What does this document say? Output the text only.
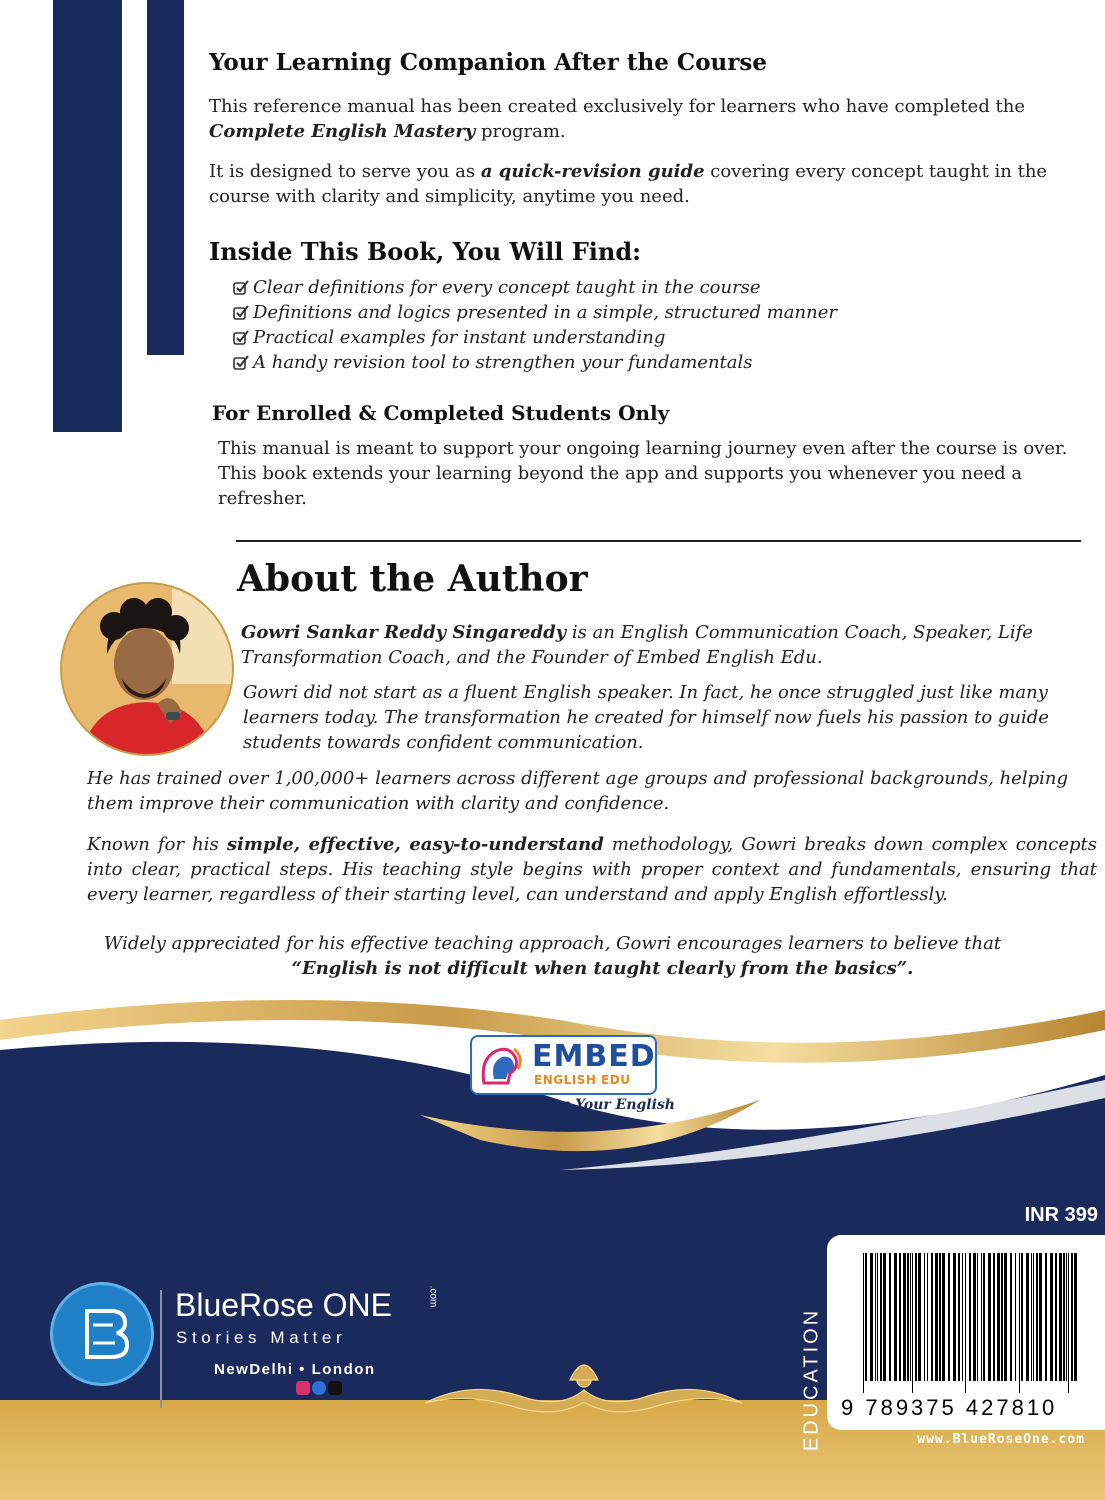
Your Learning Companion After the Course

This reference manual has been created exclusively for learners who have completed the
Complete English Mastery program.

It is designed to serve you as a quick-revision guide covering every concept taught in the course with clarity and simplicity, anytime you need.

Inside This Book, You Will Find:
Clear definitions for every concept taught in the course
Definitions and logics presented in a simple, structured manner
Practical examples for instant understanding
A handy revision tool to strengthen your fundamentals
For Enrolled & Completed Students Only

This manual is meant to support your ongoing learning journey even after the course is over. This book extends your learning beyond the app and supports you whenever you need a refresher.

About the Author

Gowri Sankar Reddy Singareddy is an English Communication Coach, Speaker, Life Transformation Coach, and the Founder of Embed English Edu.

Gowri did not start as a fluent English speaker. In fact, he once struggled just like many learners today. The transformation he created for himself now fuels his passion to guide students towards confident communication.

He has trained over 1,00,000+ learners across different age groups and professional backgrounds, helping them improve their communication with clarity and confidence.

Known for his simple, effective, easy-to-understand methodology, Gowri breaks down complex concepts into clear, practical steps. His teaching style begins with proper context and fundamentals, ensuring that every learner, regardless of their starting level, can understand and apply English effortlessly.

Widely appreciated for his effective teaching approach, Gowri encourages learners to believe that
“English is not difficult when taught clearly from the basics”.

EMBED
ENGLISH EDU
Empowering Your English
INR 399
EDUCATION 9 789375 427810
www.BlueRoseOne.com
BlueRose ONE	.com
Stories Matter
NewDelhi • London
